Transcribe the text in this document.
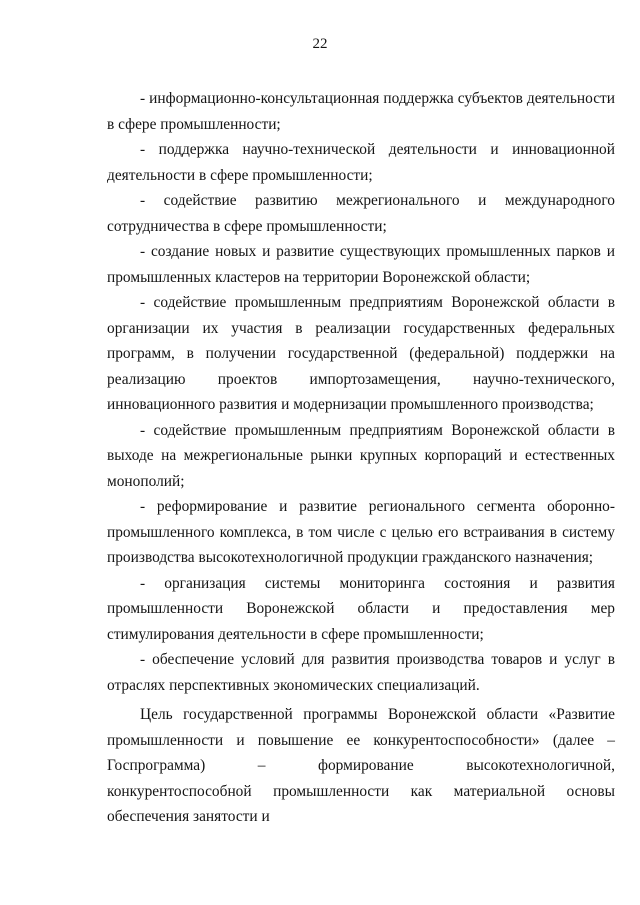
22

- информационно-консультационная поддержка субъектов деятельности в сфере промышленности;

- поддержка научно-технической деятельности и инновационной деятельности в сфере промышленности;

- содействие развитию межрегионального и международного сотрудничества в сфере промышленности;

- создание новых и развитие существующих промышленных парков и промышленных кластеров на территории Воронежской области;

- содействие промышленным предприятиям Воронежской области в организации их участия в реализации государственных федеральных программ, в получении государственной (федеральной) поддержки на реализацию проектов импортозамещения, научно-технического, инновационного развития и модернизации промышленного производства;

- содействие промышленным предприятиям Воронежской области в выходе на межрегиональные рынки крупных корпораций и естественных монополий;

- реформирование и развитие регионального сегмента оборонно-промышленного комплекса, в том числе с целью его встраивания в систему производства высокотехнологичной продукции гражданского назначения;

- организация системы мониторинга состояния и развития промышленности Воронежской области и предоставления мер стимулирования деятельности в сфере промышленности;

- обеспечение условий для развития производства товаров и услуг в отраслях перспективных экономических специализаций.

Цель государственной программы Воронежской области «Развитие промышленности и повышение ее конкурентоспособности» (далее – Госпрограмма) – формирование высокотехнологичной, конкурентоспособной промышленности как материальной основы обеспечения занятости и
